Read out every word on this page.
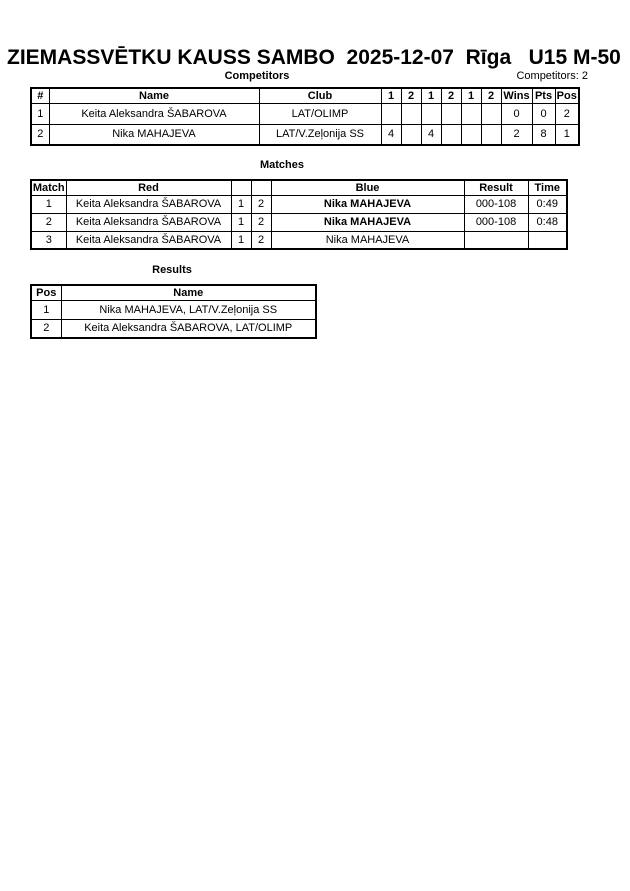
ZIEMASSVĒTKU KAUSS SAMBO  2025-12-07  Rīga   U15 M-50
Competitors	Competitors: 2
#	Name	Club	1	2	1	2	1	2	Wins	Pts	Pos
1	Keita Aleksandra ŠABAROVA	LAT/OLIMP							0	0	2
2	Nika MAHAJEVA	LAT/V.Zeļonija SS	4		4				2	8	1
Matches
Match	Red			Blue	Result	Time
1	Keita Aleksandra ŠABAROVA	1	2	Nika MAHAJEVA	000-108	0:49
2	Keita Aleksandra ŠABAROVA	1	2	Nika MAHAJEVA	000-108	0:48
3	Keita Aleksandra ŠABAROVA	1	2	Nika MAHAJEVA		
Results
Pos	Name
1	Nika MAHAJEVA, LAT/V.Zeļonija SS
2	Keita Aleksandra ŠABAROVA, LAT/OLIMP
